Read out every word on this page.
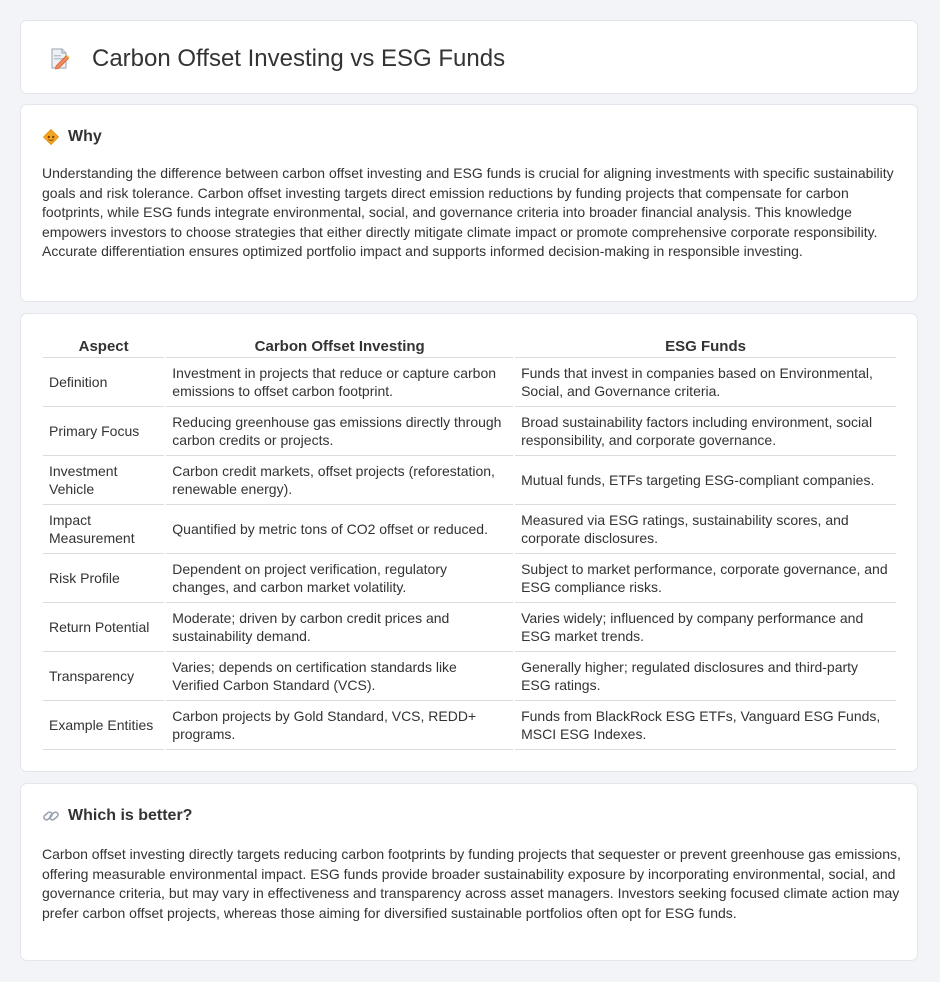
Carbon Offset Investing vs ESG Funds
Why

Understanding the difference between carbon offset investing and ESG funds is crucial for aligning investments with specific sustainability goals and risk tolerance. Carbon offset investing targets direct emission reductions by funding projects that compensate for carbon footprints, while ESG funds integrate environmental, social, and governance criteria into broader financial analysis. This knowledge empowers investors to choose strategies that either directly mitigate climate impact or promote comprehensive corporate responsibility. Accurate differentiation ensures optimized portfolio impact and supports informed decision-making in responsible investing.

Aspect	Carbon Offset Investing	ESG Funds
Definition	Investment in projects that reduce or capture carbon emissions to offset carbon footprint.	Funds that invest in companies based on Environmental, Social, and Governance criteria.
Primary Focus	Reducing greenhouse gas emissions directly through carbon credits or projects.	Broad sustainability factors including environment, social responsibility, and corporate governance.
Investment Vehicle	Carbon credit markets, offset projects (reforestation, renewable energy).	Mutual funds, ETFs targeting ESG-compliant companies.
Impact Measurement	Quantified by metric tons of CO2 offset or reduced.	Measured via ESG ratings, sustainability scores, and corporate disclosures.
Risk Profile	Dependent on project verification, regulatory changes, and carbon market volatility.	Subject to market performance, corporate governance, and ESG compliance risks.
Return Potential	Moderate; driven by carbon credit prices and sustainability demand.	Varies widely; influenced by company performance and ESG market trends.
Transparency	Varies; depends on certification standards like Verified Carbon Standard (VCS).	Generally higher; regulated disclosures and third-party ESG ratings.
Example Entities	Carbon projects by Gold Standard, VCS, REDD+ programs.	Funds from BlackRock ESG ETFs, Vanguard ESG Funds, MSCI ESG Indexes.
Which is better?

Carbon offset investing directly targets reducing carbon footprints by funding projects that sequester or prevent greenhouse gas emissions, offering measurable environmental impact. ESG funds provide broader sustainability exposure by incorporating environmental, social, and governance criteria, but may vary in effectiveness and transparency across asset managers. Investors seeking focused climate action may prefer carbon offset projects, whereas those aiming for diversified sustainable portfolios often opt for ESG funds.
